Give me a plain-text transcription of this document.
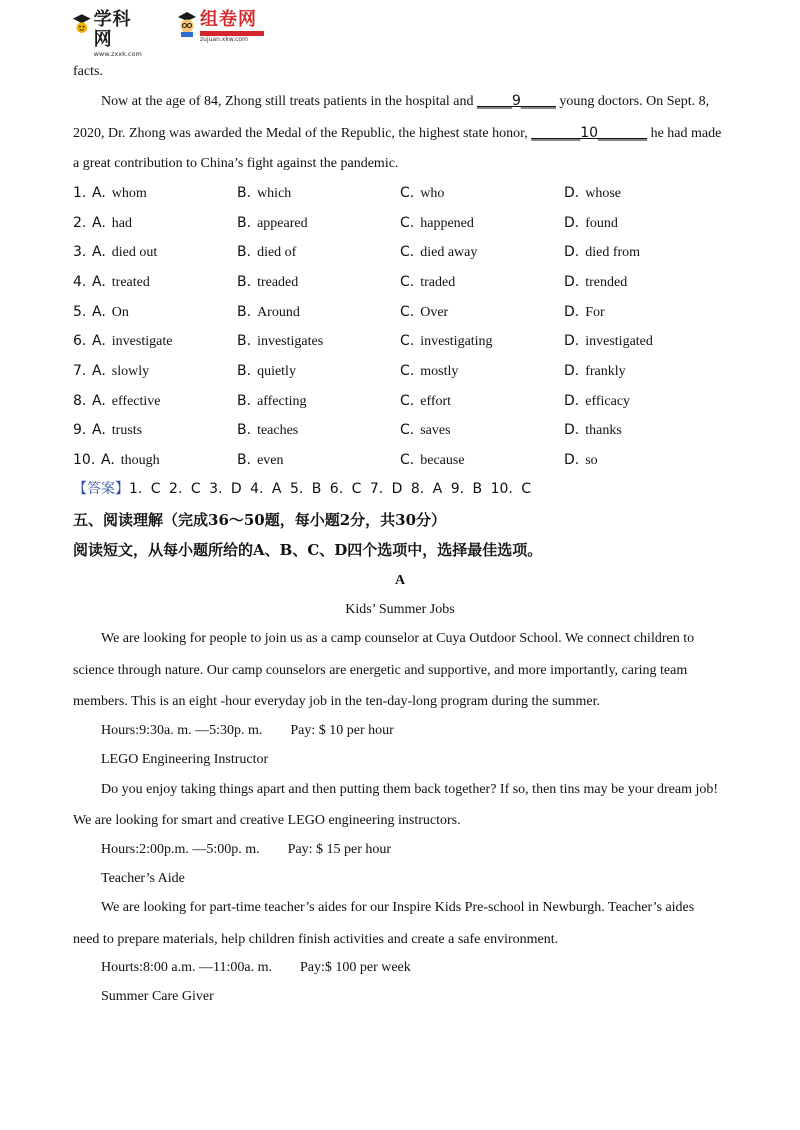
学科网
www.zxxk.com
组卷网
zujuan.xkw.com
facts.
Now at the age of 84, Zhong still treats patients in the hospital and _____9_____ young doctors. On Sept. 8,
2020, Dr. Zhong was awarded the Medal of the Republic, the highest state honor, _______10_______ he had made
a great contribution to China’s fight against the pandemic.
1. A. whom	B. which	C. who	D. whose
2. A. had	B. appeared	C. happened	D. found
3. A. died out	B. died of	C. died away	D. died from
4. A. treated	B. treaded	C. traded	D. trended
5. A. On	B. Around	C. Over	D. For
6. A. investigate	B. investigates	C. investigating	D. investigated
7. A. slowly	B. quietly	C. mostly	D. frankly
8. A. effective	B. affecting	C. effort	D. efficacy
9. A. trusts	B. teaches	C. saves	D. thanks
10. A. though	B. even	C. because	D. so
【答案】1. C 2. C 3. D 4. A 5. B 6. C 7. D 8. A 9. B 10. C
五、阅读理解（完成36～50题，每小题2分，共30分）
阅读短文，从每小题所给的A、B、C、D四个选项中，选择最佳选项。
A
Kids’ Summer Jobs
We are looking for people to join us as a camp counselor at Cuya Outdoor School. We connect children to
science through nature. Our camp counselors are energetic and supportive, and more importantly, caring team
members. This is an eight -hour everyday job in the ten-day-long program during the summer.
Hours:9:30a. m. —5:30p. m.        Pay: $ 10 per hour
LEGO Engineering Instructor
Do you enjoy taking things apart and then putting them back together? If so, then tins may be your dream job!
We are looking for smart and creative LEGO engineering instructors.
Hours:2:00p.m. —5:00p. m.        Pay: $ 15 per hour
Teacher’s Aide
We are looking for part-time teacher’s aides for our Inspire Kids Pre-school in Newburgh. Teacher’s aides
need to prepare materials, help children finish activities and create a safe environment.
Hourts:8:00 a.m. —11:00a. m.        Pay:$ 100 per week
Summer Care Giver
